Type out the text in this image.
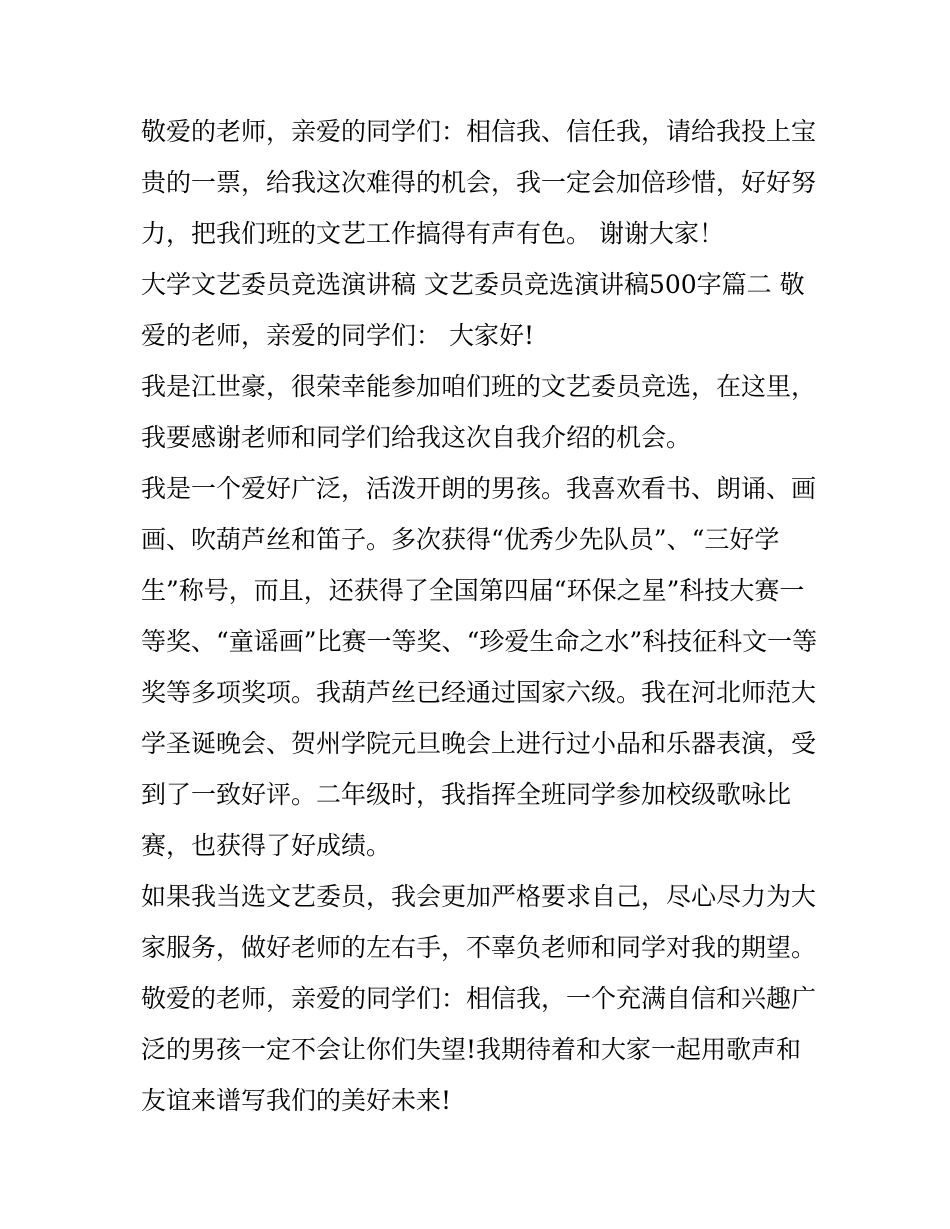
敬爱的老师，亲爱的同学们：相信我、信任我，请给我投上宝
贵的一票，给我这次难得的机会，我一定会加倍珍惜，好好努
力，把我们班的文艺工作搞得有声有色。 谢谢大家！
大学文艺委员竞选演讲稿 文艺委员竞选演讲稿500字篇二 敬
爱的老师，亲爱的同学们： 大家好!
我是江世豪，很荣幸能参加咱们班的文艺委员竞选，在这里，
我要感谢老师和同学们给我这次自我介绍的机会。
我是一个爱好广泛，活泼开朗的男孩。我喜欢看书、朗诵、画
画、吹葫芦丝和笛子。多次获得“优秀少先队员”、“三好学
生”称号，而且，还获得了全国第四届“环保之星”科技大赛一
等奖、“童谣画”比赛一等奖、“珍爱生命之水”科技征科文一等
奖等多项奖项。我葫芦丝已经通过国家六级。我在河北师范大
学圣诞晚会、贺州学院元旦晚会上进行过小品和乐器表演，受
到了一致好评。二年级时，我指挥全班同学参加校级歌咏比
赛，也获得了好成绩。
如果我当选文艺委员，我会更加严格要求自己，尽心尽力为大
家服务，做好老师的左右手，不辜负老师和同学对我的期望。
敬爱的老师，亲爱的同学们：相信我，一个充满自信和兴趣广
泛的男孩一定不会让你们失望!我期待着和大家一起用歌声和
友谊来谱写我们的美好未来!
